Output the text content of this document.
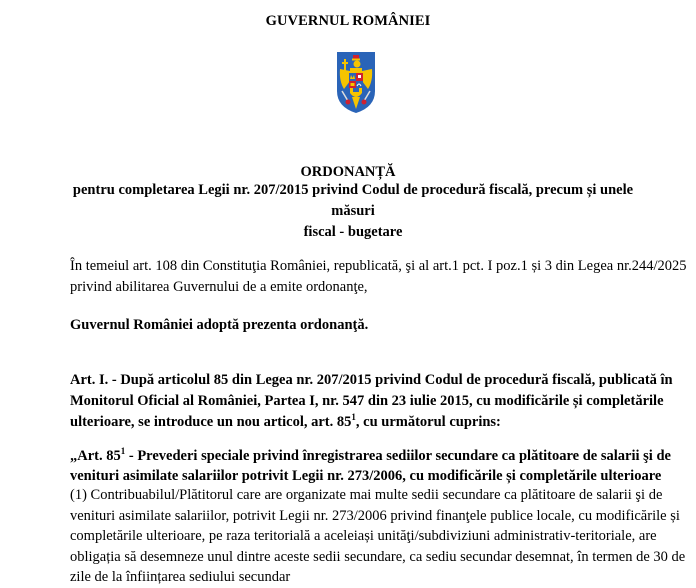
GUVERNUL ROMÂNIEI
ORDONANȚĂ
pentru completarea Legii nr. 207/2015 privind Codul de procedură fiscală, precum și unele măsuri
fiscal - bugetare
În temeiul art. 108 din Constituţia României, republicată, şi al art.1 pct. I poz.1 și 3 din Legea nr.244/2025
privind abilitarea Guvernului de a emite ordonanţe,
Guvernul României adoptă prezenta ordonanţă.
Art. I. - După articolul 85 din Legea nr. 207/2015 privind Codul de procedură fiscală, publicată în
Monitorul Oficial al României, Partea I, nr. 547 din 23 iulie 2015, cu modificările și completările
ulterioare, se introduce un nou articol, art. $85^1$, cu următorul cuprins:
„Art. $85^1$ - Prevederi speciale privind înregistrarea sediilor secundare ca plătitoare de salarii şi de
venituri asimilate salariilor potrivit Legii nr. 273/2006, cu modificările și completările ulterioare
(1) Contribuabilul/Plătitorul care are organizate mai multe sedii secundare ca plătitoare de salarii şi de
venituri asimilate salariilor, potrivit Legii nr. 273/2006 privind finanţele publice locale, cu modificările și
completările ulterioare, pe raza teritorială a aceleiași unităţi/subdiviziuni administrativ-teritoriale, are
obligația să desemneze unul dintre aceste sedii secundare, ca sediu secundar desemnat, în termen de 30 de
zile de la înființarea sediului secundar
